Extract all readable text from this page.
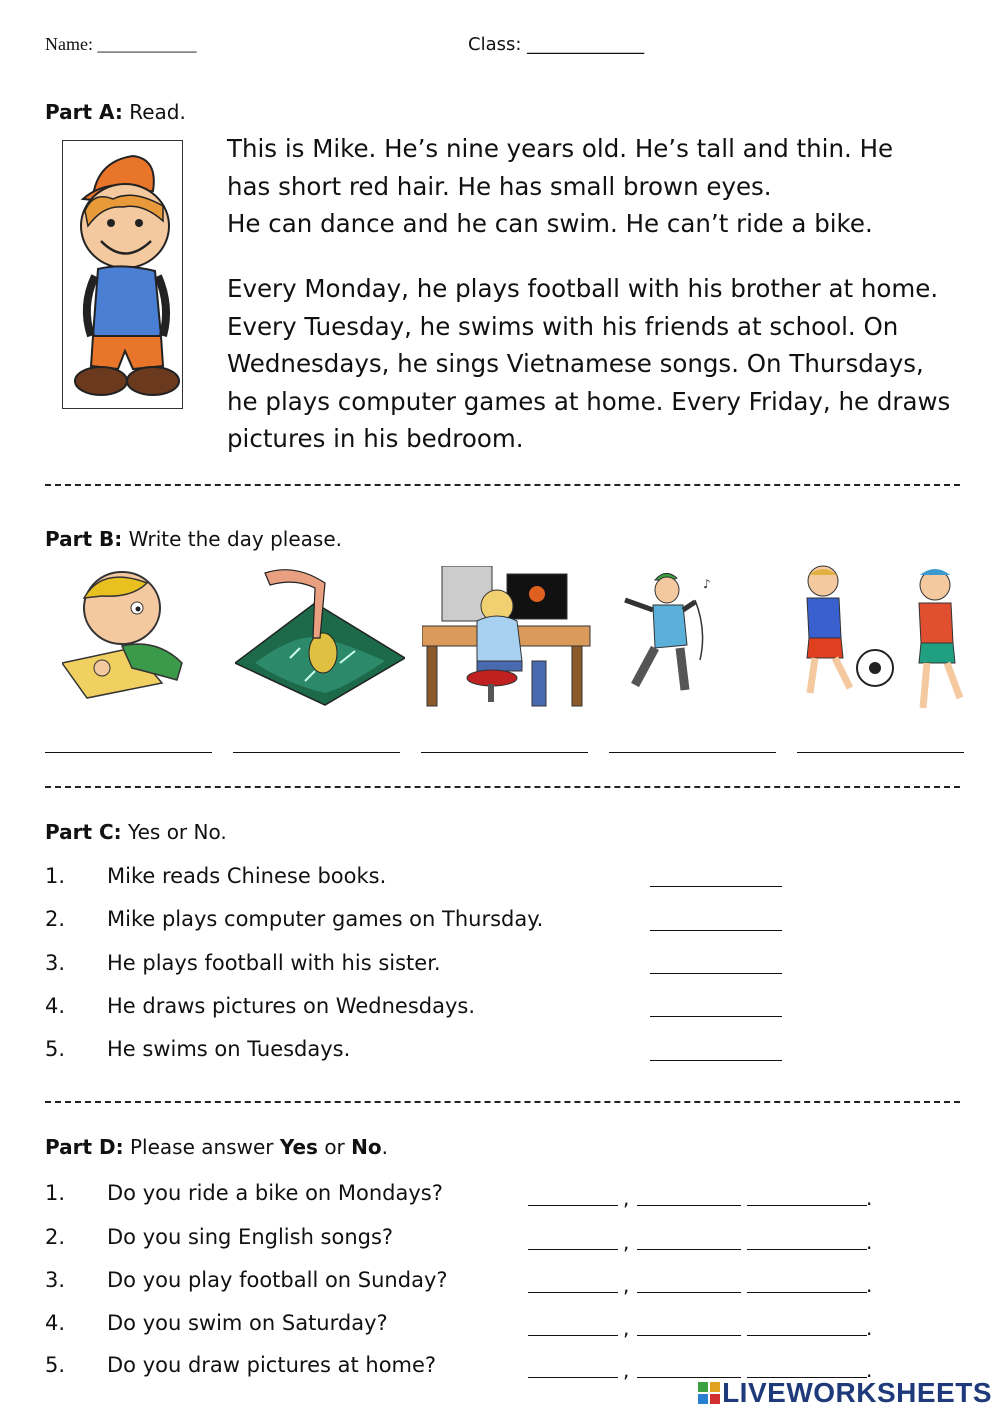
Name: ___________	Class: _____________
Part A: Read.
This is Mike. He’s nine years old. He’s tall and thin. He
has short red hair. He has small brown eyes.
He can dance and he can swim. He can’t ride a bike.
Every Monday, he plays football with his brother at home.
Every Tuesday, he swims with his friends at school. On
Wednesdays, he sings Vietnamese songs. On Thursdays,
he plays computer games at home. Every Friday, he draws
pictures in his bedroom.
Part B: Write the day please.
♪
Part C: Yes or No.
1. Mike reads Chinese books.
2. Mike plays computer games on Thursday.
3. He plays football with his sister.
4. He draws pictures on Wednesdays.
5. He swims on Tuesdays.
Part D: Please answer Yes or No.
1. Do you ride a bike on Mondays?
2. Do you sing English songs?
3. Do you play football on Sunday?
4. Do you swim on Saturday?
5. Do you draw pictures at home?
,	.
,	.
,	.
,	.
,	.
LIVEWORKSHEETS
